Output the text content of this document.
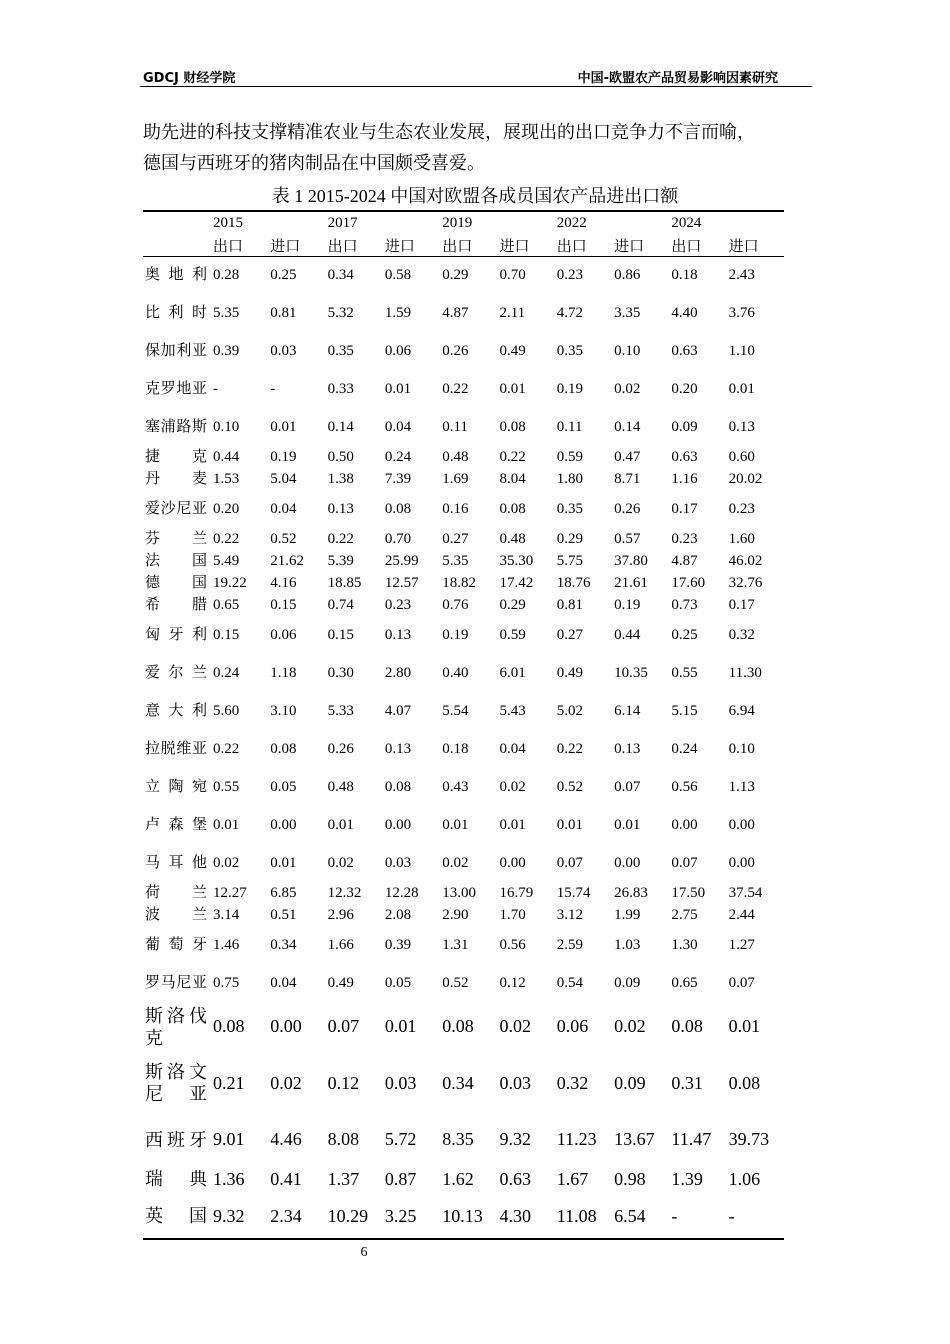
GDCJ 财经学院	中国-欧盟农产品贸易影响因素研究

助先进的科技支撑精准农业与生态农业发展，展现出的出口竞争力不言而喻，
德国与西班牙的猪肉制品在中国颇受喜爱。

表 1 2015-2024 中国对欧盟各成员国农产品进出口额
	2015		2017		2019		2022		2024	
	出口	进口	出口	进口	出口	进口	出口	进口	出口	进口
奥地利	0.28	0.25	0.34	0.58	0.29	0.70	0.23	0.86	0.18	2.43
比利时	5.35	0.81	5.32	1.59	4.87	2.11	4.72	3.35	4.40	3.76
保加利亚	0.39	0.03	0.35	0.06	0.26	0.49	0.35	0.10	0.63	1.10
克罗地亚	-	-	0.33	0.01	0.22	0.01	0.19	0.02	0.20	0.01
塞浦路斯	0.10	0.01	0.14	0.04	0.11	0.08	0.11	0.14	0.09	0.13
捷克	0.44	0.19	0.50	0.24	0.48	0.22	0.59	0.47	0.63	0.60
丹麦	1.53	5.04	1.38	7.39	1.69	8.04	1.80	8.71	1.16	20.02
爱沙尼亚	0.20	0.04	0.13	0.08	0.16	0.08	0.35	0.26	0.17	0.23
芬兰	0.22	0.52	0.22	0.70	0.27	0.48	0.29	0.57	0.23	1.60
法国	5.49	21.62	5.39	25.99	5.35	35.30	5.75	37.80	4.87	46.02
德国	19.22	4.16	18.85	12.57	18.82	17.42	18.76	21.61	17.60	32.76
希腊	0.65	0.15	0.74	0.23	0.76	0.29	0.81	0.19	0.73	0.17
匈牙利	0.15	0.06	0.15	0.13	0.19	0.59	0.27	0.44	0.25	0.32
爱尔兰	0.24	1.18	0.30	2.80	0.40	6.01	0.49	10.35	0.55	11.30
意大利	5.60	3.10	5.33	4.07	5.54	5.43	5.02	6.14	5.15	6.94
拉脱维亚	0.22	0.08	0.26	0.13	0.18	0.04	0.22	0.13	0.24	0.10
立陶宛	0.55	0.05	0.48	0.08	0.43	0.02	0.52	0.07	0.56	1.13
卢森堡	0.01	0.00	0.01	0.00	0.01	0.01	0.01	0.01	0.00	0.00
马耳他	0.02	0.01	0.02	0.03	0.02	0.00	0.07	0.00	0.07	0.00
荷兰	12.27	6.85	12.32	12.28	13.00	16.79	15.74	26.83	17.50	37.54
波兰	3.14	0.51	2.96	2.08	2.90	1.70	3.12	1.99	2.75	2.44
葡萄牙	1.46	0.34	1.66	0.39	1.31	0.56	2.59	1.03	1.30	1.27
罗马尼亚	0.75	0.04	0.49	0.05	0.52	0.12	0.54	0.09	0.65	0.07
斯洛伐克	0.08	0.00	0.07	0.01	0.08	0.02	0.06	0.02	0.08	0.01
斯洛文尼亚	0.21	0.02	0.12	0.03	0.34	0.03	0.32	0.09	0.31	0.08
西班牙	9.01	4.46	8.08	5.72	8.35	9.32	11.23	13.67	11.47	39.73
瑞典	1.36	0.41	1.37	0.87	1.62	0.63	1.67	0.98	1.39	1.06
英国	9.32	2.34	10.29	3.25	10.13	4.30	11.08	6.54	-	-
6
